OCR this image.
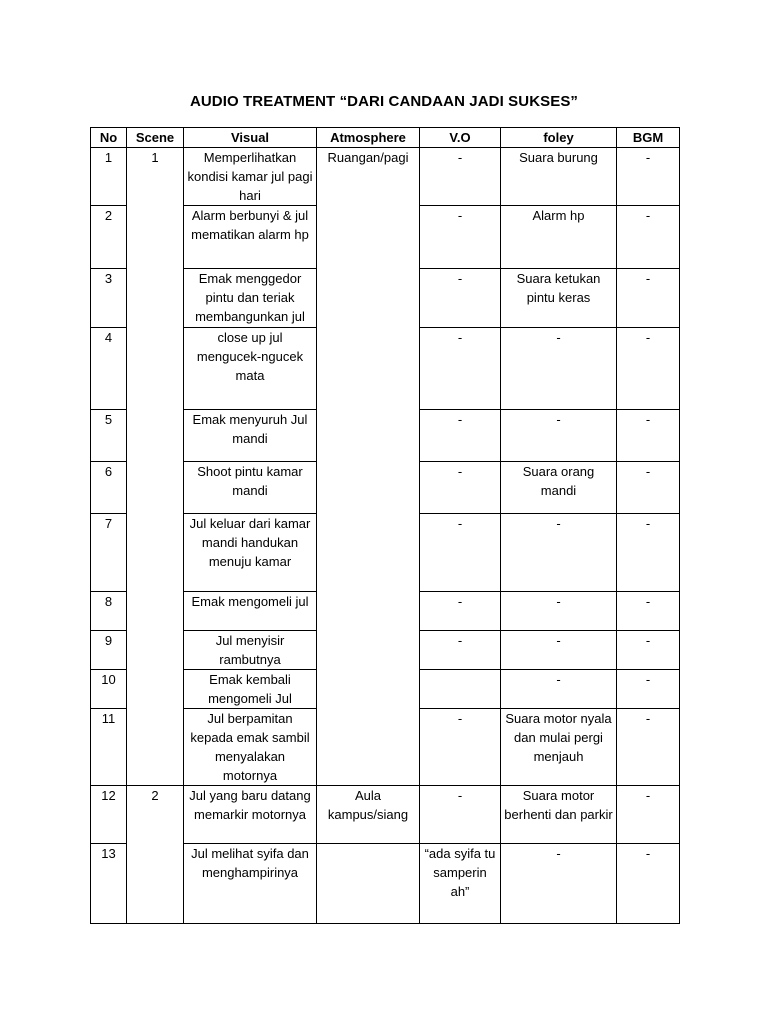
AUDIO TREATMENT “DARI CANDAAN JADI SUKSES”
No	Scene	Visual	Atmosphere	V.O	foley	BGM
1	1	Memperlihatkan kondisi kamar jul pagi hari	Ruangan/pagi	-	Suara burung	-
2		Alarm berbunyi & jul mematikan alarm hp		-	Alarm hp	-
3		Emak menggedor pintu dan teriak membangunkan jul		-	Suara ketukan pintu keras	-
4		close up jul mengucek-ngucek mata		-	-	-
5		Emak menyuruh Jul mandi		-	-	-
6		Shoot pintu kamar mandi		-	Suara orang mandi	-
7		Jul keluar dari kamar mandi handukan menuju kamar		-	-	-
8		Emak mengomeli jul		-	-	-
9		Jul menyisir rambutnya		-	-	-
10		Emak kembali mengomeli Jul			-	-
11		Jul berpamitan kepada emak sambil menyalakan motornya		-	Suara motor nyala dan mulai pergi menjauh	-
12	2	Jul yang baru datang memarkir motornya	Aula kampus/siang	-	Suara motor berhenti dan parkir	-
13		Jul melihat syifa dan menghampirinya		“ada syifa tu samperin ah”	-	-
